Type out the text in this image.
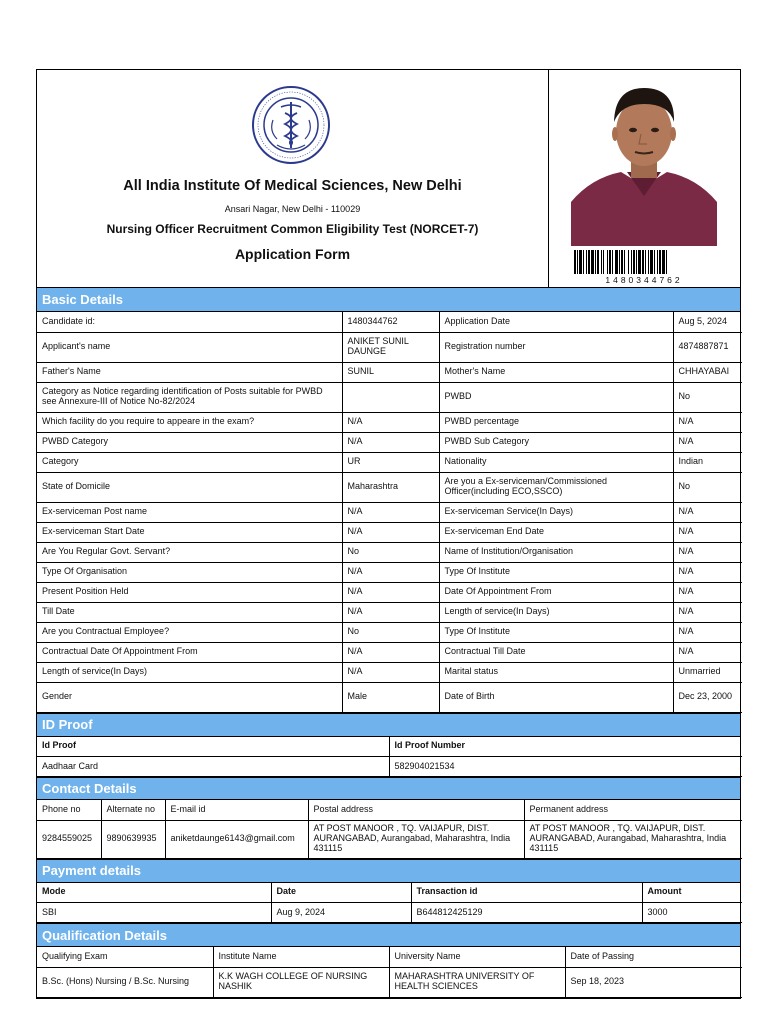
All India Institute Of Medical Sciences, New Delhi
Ansari Nagar, New Delhi - 110029
Nursing Officer Recruitment Common Eligibility Test (NORCET-7)
Application Form
1480344762
Basic Details
Candidate id:	1480344762	Application Date	Aug 5, 2024
Applicant's name	ANIKET SUNIL DAUNGE	Registration number	4874887871
Father's Name	SUNIL	Mother's Name	CHHAYABAI
Category as Notice regarding identification of Posts suitable for PWBD see Annexure-III of Notice No-82/2024		PWBD	No
Which facility do you require to appeare in the exam?	N/A	PWBD percentage	N/A
PWBD Category	N/A	PWBD Sub Category	N/A
Category	UR	Nationality	Indian
State of Domicile	Maharashtra	Are you a Ex-serviceman/Commissioned Officer(including ECO,SSCO)	No
Ex-serviceman Post name	N/A	Ex-serviceman Service(In Days)	N/A
Ex-serviceman Start Date	N/A	Ex-serviceman End Date	N/A
Are You Regular Govt. Servant?	No	Name of Institution/Organisation	N/A
Type Of Organisation	N/A	Type Of Institute	N/A
Present Position Held	N/A	Date Of Appointment From	N/A
Till Date	N/A	Length of service(In Days)	N/A
Are you Contractual Employee?	No	Type Of Institute	N/A
Contractual Date Of Appointment From	N/A	Contractual Till Date	N/A
Length of service(In Days)	N/A	Marital status	Unmarried
Gender	Male	Date of Birth	Dec 23, 2000
ID Proof
Id Proof	Id Proof Number
Aadhaar Card	582904021534
Contact Details
Phone no	Alternate no	E-mail id	Postal address	Permanent address
9284559025	9890639935	aniketdaunge6143@gmail.com	AT POST MANOOR , TQ. VAIJAPUR, DIST. AURANGABAD, Aurangabad, Maharashtra, India 431115	AT POST MANOOR , TQ. VAIJAPUR, DIST. AURANGABAD, Aurangabad, Maharashtra, India 431115
Payment details
Mode	Date	Transaction id	Amount
SBI	Aug 9, 2024	B644812425129	3000
Qualification Details
Qualifying Exam	Institute Name	University Name	Date of Passing
B.Sc. (Hons) Nursing / B.Sc. Nursing	K.K WAGH COLLEGE OF NURSING NASHIK	MAHARASHTRA UNIVERSITY OF HEALTH SCIENCES	Sep 18, 2023
